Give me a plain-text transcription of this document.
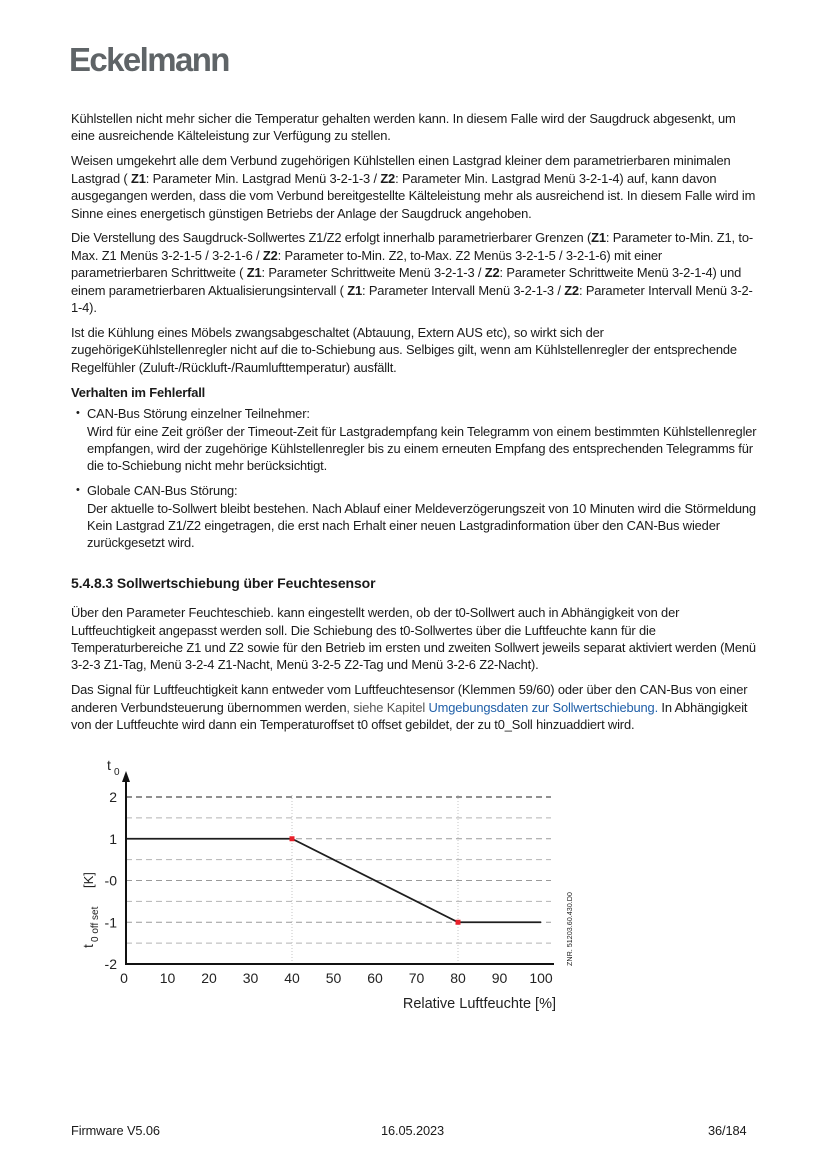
Eckelmann

Kühlstellen nicht mehr sicher die Temperatur gehalten werden kann. In diesem Falle wird der Saugdruck abgesenkt, um eine ausreichende Kälteleistung zur Verfügung zu stellen.

Weisen umgekehrt alle dem Verbund zugehörigen Kühlstellen einen Lastgrad kleiner dem parametrierbaren minimalen Lastgrad ( Z1: Parameter Min. Lastgrad Menü 3-2-1-3 / Z2: Parameter Min. Lastgrad Menü 3-2-1-4) auf, kann davon ausgegangen werden, dass die vom Verbund bereitgestellte Kälteleistung mehr als ausreichend ist. In diesem Falle wird im Sinne eines energetisch günstigen Betriebs der Anlage der Saugdruck angehoben.

Die Verstellung des Saugdruck-Sollwertes Z1/Z2 erfolgt innerhalb parametrierbarer Grenzen (Z1: Parameter to-Min. Z1, to-Max. Z1 Menüs 3-2-1-5 / 3-2-1-6 / Z2: Parameter to-Min. Z2, to-Max. Z2 Menüs 3-2-1-5 / 3-2-1-6) mit einer parametrierbaren Schrittweite ( Z1: Parameter Schrittweite Menü 3-2-1-3 / Z2: Parameter Schrittweite Menü 3-2-1-4) und einem parametrierbaren Aktualisierungsintervall ( Z1: Parameter Intervall Menü 3-2-1-3 / Z2: Parameter Intervall Menü 3-2-1-4).

Ist die Kühlung eines Möbels zwangsabgeschaltet (Abtauung, Extern AUS etc), so wirkt sich der zugehörigeKühlstellenregler nicht auf die to-Schiebung aus. Selbiges gilt, wenn am Kühlstellenregler der entsprechende Regelfühler (Zuluft-/Rückluft-/Raumlufttemperatur) ausfällt.

Verhalten im Fehlerfall
• CAN-Bus Störung einzelner Teilnehmer:
Wird für eine Zeit größer der Timeout-Zeit für Lastgradempfang kein Telegramm von einem bestimmten Kühlstellenregler empfangen, wird der zugehörige Kühlstellenregler bis zu einem erneuten Empfang des entsprechenden Telegramms für die to-Schiebung nicht mehr berücksichtigt.
• Globale CAN-Bus Störung:
Der aktuelle to-Sollwert bleibt bestehen. Nach Ablauf einer Meldeverzögerungszeit von 10 Minuten wird die Störmeldung Kein Lastgrad Z1/Z2 eingetragen, die erst nach Erhalt einer neuen Lastgradinformation über den CAN-Bus wieder zurückgesetzt wird.
5.4.8.3 Sollwertschiebung über Feuchtesensor

Über den Parameter Feuchteschieb. kann eingestellt werden, ob der t0-Sollwert auch in Abhängigkeit von der Luftfeuchtigkeit angepasst werden soll. Die Schiebung des t0-Sollwertes über die Luftfeuchte kann für die Temperaturbereiche Z1 und Z2 sowie für den Betrieb im ersten und zweiten Sollwert jeweils separat aktiviert werden (Menü 3-2-3 Z1-Tag, Menü 3-2-4 Z1-Nacht, Menü 3-2-5 Z2-Tag und Menü 3-2-6 Z2-Nacht).

Das Signal für Luftfeuchtigkeit kann entweder vom Luftfeuchtesensor (Klemmen 59/60) oder über den CAN-Bus von einer anderen Verbundsteuerung übernommen werden, siehe Kapitel Umgebungsdaten zur Sollwertschiebung. In Abhängigkeit von der Luftfeuchte wird dann ein Temperaturoffset t0 offset gebildet, der zu t0_Soll hinzuaddiert wird.

2
1
-0
-1
-2
0 10 20 30 40 50 60 70 80 90 100
Relative Luftfeuchte [%]
t 0
t
0 off set
[K]
ZNR. 51203.60.430.D0
Firmware V5.06	16.05.2023	36/184
